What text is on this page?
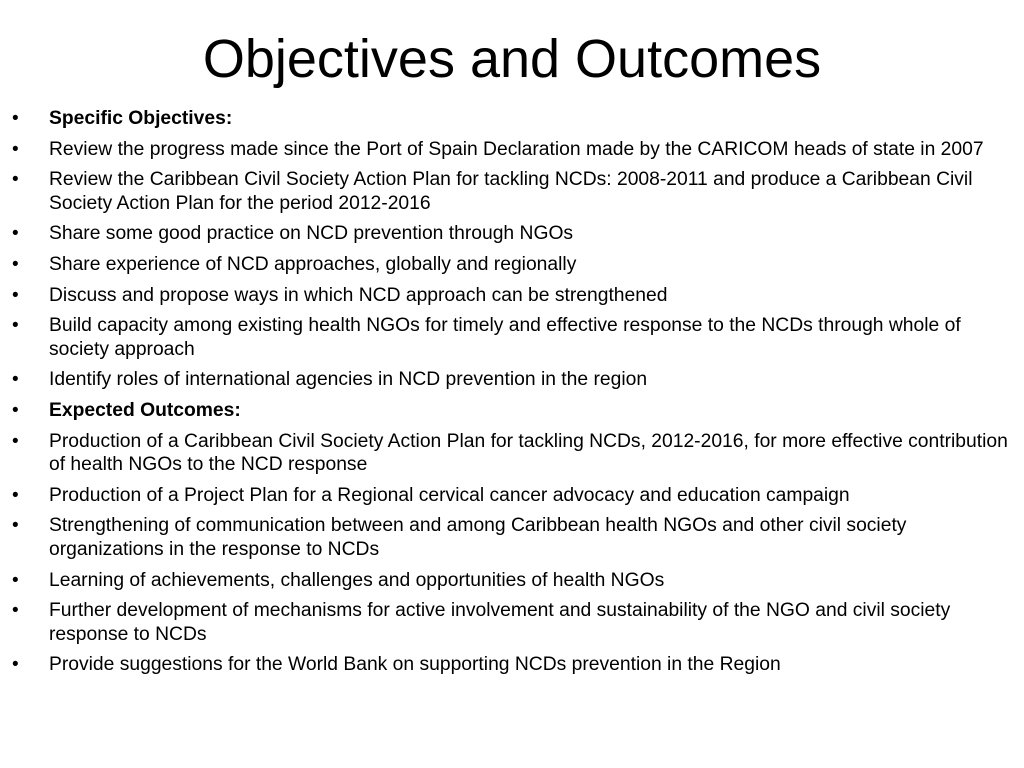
Objectives and Outcomes
•	Specific Objectives:
•	Review the progress made since the Port of Spain Declaration made by the CARICOM heads of state in 2007
•	Review the Caribbean Civil Society Action Plan for tackling NCDs: 2008-2011 and produce a Caribbean Civil Society Action Plan for the period 2012-2016
•	Share some good practice on NCD prevention through NGOs
•	Share experience of NCD approaches, globally and regionally
•	Discuss and propose ways in which NCD approach can be strengthened
•	Build capacity among existing health NGOs for timely and effective response to the NCDs through whole of society approach
•	Identify roles of international agencies in NCD prevention in the region
•	Expected Outcomes:
•	Production of a Caribbean Civil Society Action Plan for tackling NCDs, 2012-2016, for more effective contribution of health NGOs to the NCD response
•	Production of a Project Plan for a Regional cervical cancer advocacy and education campaign
•	Strengthening of communication between and among Caribbean health NGOs and other civil society organizations in the response to NCDs
•	Learning of achievements, challenges and opportunities of health NGOs
•	Further development of mechanisms for active involvement and sustainability of the NGO and civil society response to NCDs
•	Provide suggestions for the World Bank on supporting NCDs prevention in the Region
